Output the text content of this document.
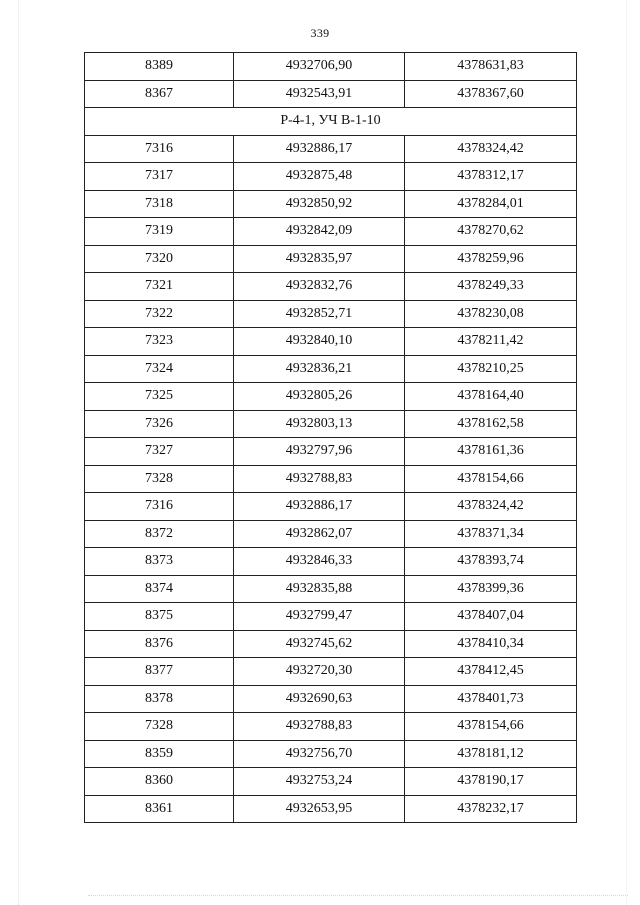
339
8389	4932706,90	4378631,83
8367	4932543,91	4378367,60
Р-4-1, УЧ В-1-10		
7316	4932886,17	4378324,42
7317	4932875,48	4378312,17
7318	4932850,92	4378284,01
7319	4932842,09	4378270,62
7320	4932835,97	4378259,96
7321	4932832,76	4378249,33
7322	4932852,71	4378230,08
7323	4932840,10	4378211,42
7324	4932836,21	4378210,25
7325	4932805,26	4378164,40
7326	4932803,13	4378162,58
7327	4932797,96	4378161,36
7328	4932788,83	4378154,66
7316	4932886,17	4378324,42
8372	4932862,07	4378371,34
8373	4932846,33	4378393,74
8374	4932835,88	4378399,36
8375	4932799,47	4378407,04
8376	4932745,62	4378410,34
8377	4932720,30	4378412,45
8378	4932690,63	4378401,73
7328	4932788,83	4378154,66
8359	4932756,70	4378181,12
8360	4932753,24	4378190,17
8361	4932653,95	4378232,17
